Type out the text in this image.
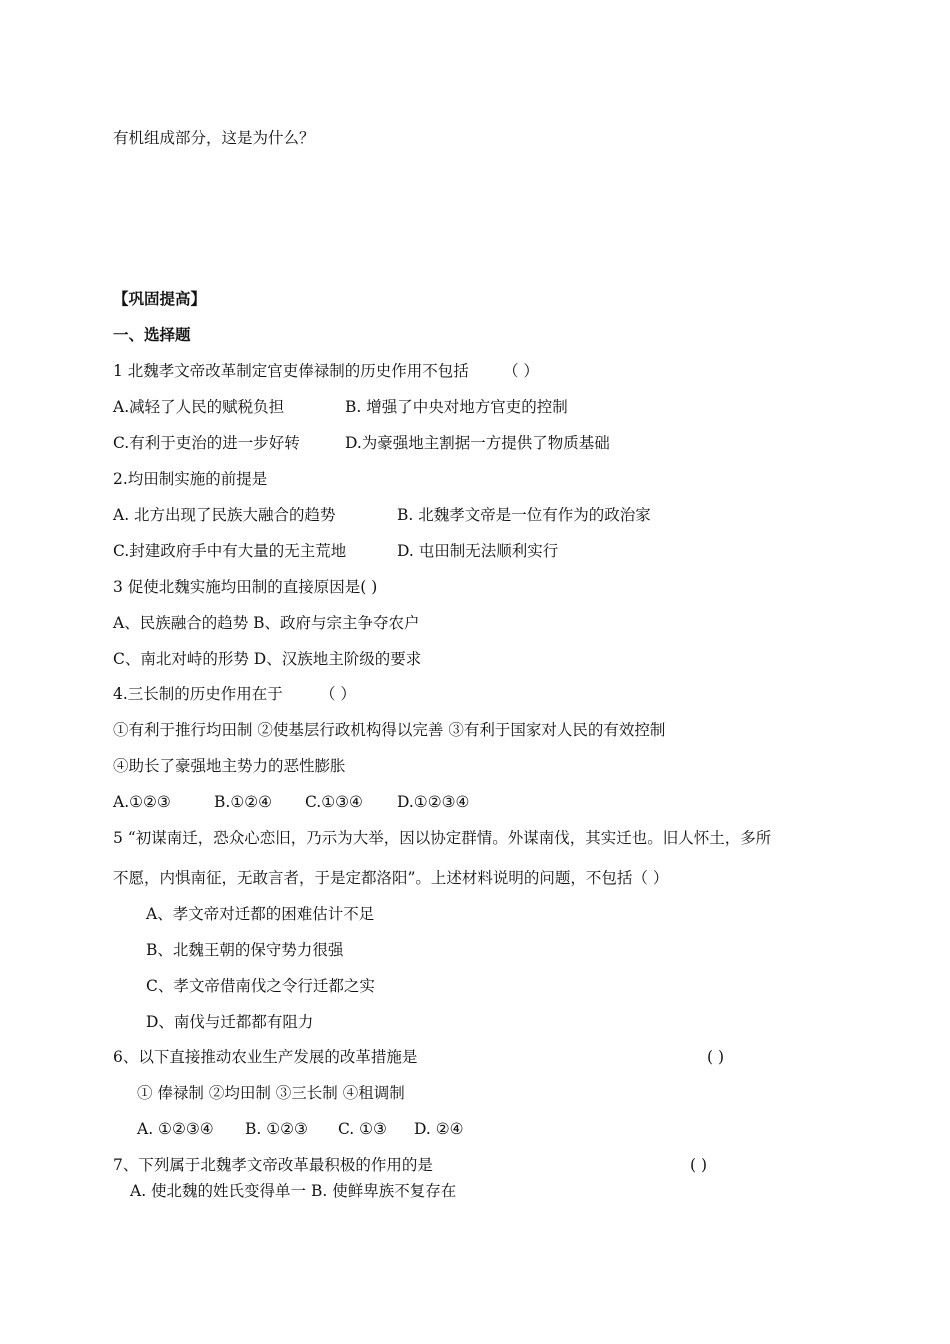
有机组成部分，这是为什么？
【巩固提高】
一、选择题
1 北魏孝文帝改革制定官吏俸禄制的历史作用不包括 （ ）
A.减轻了人民的赋税负担	B. 增强了中央对地方官吏的控制
C.有利于吏治的进一步好转	D.为豪强地主割据一方提供了物质基础
2.均田制实施的前提是
A. 北方出现了民族大融合的趋势	B. 北魏孝文帝是一位有作为的政治家
C.封建政府手中有大量的无主荒地	D. 屯田制无法顺利实行
3 促使北魏实施均田制的直接原因是( )
A、民族融合的趋势 B、政府与宗主争夺农户
C、南北对峙的形势 D、汉族地主阶级的要求
4.三长制的历史作用在于 （ ）
①有利于推行均田制 ②使基层行政机构得以完善 ③有利于国家对人民的有效控制
④助长了豪强地主势力的恶性膨胀
A.①②③	B.①②④ C.①③④ D.①②③④
5 “初谋南迁，恐众心恋旧，乃示为大举，因以协定群情。外谋南伐，其实迁也。旧人怀土，多所
不愿，内惧南征，无敢言者，于是定都洛阳”。上述材料说明的问题，不包括（ ）
A、孝文帝对迁都的困难估计不足
B、北魏王朝的保守势力很强
C、孝文帝借南伐之令行迁都之实
D、南伐与迁都都有阻力
6、以下直接推动农业生产发展的改革措施是	( )
① 俸禄制 ②均田制 ③三长制 ④租调制
A. ①②③④ B. ①②③ C. ①③ D. ②④
7、下列属于北魏孝文帝改革最积极的作用的是	( )
A. 使北魏的姓氏变得单一 B. 使鲜卑族不复存在
